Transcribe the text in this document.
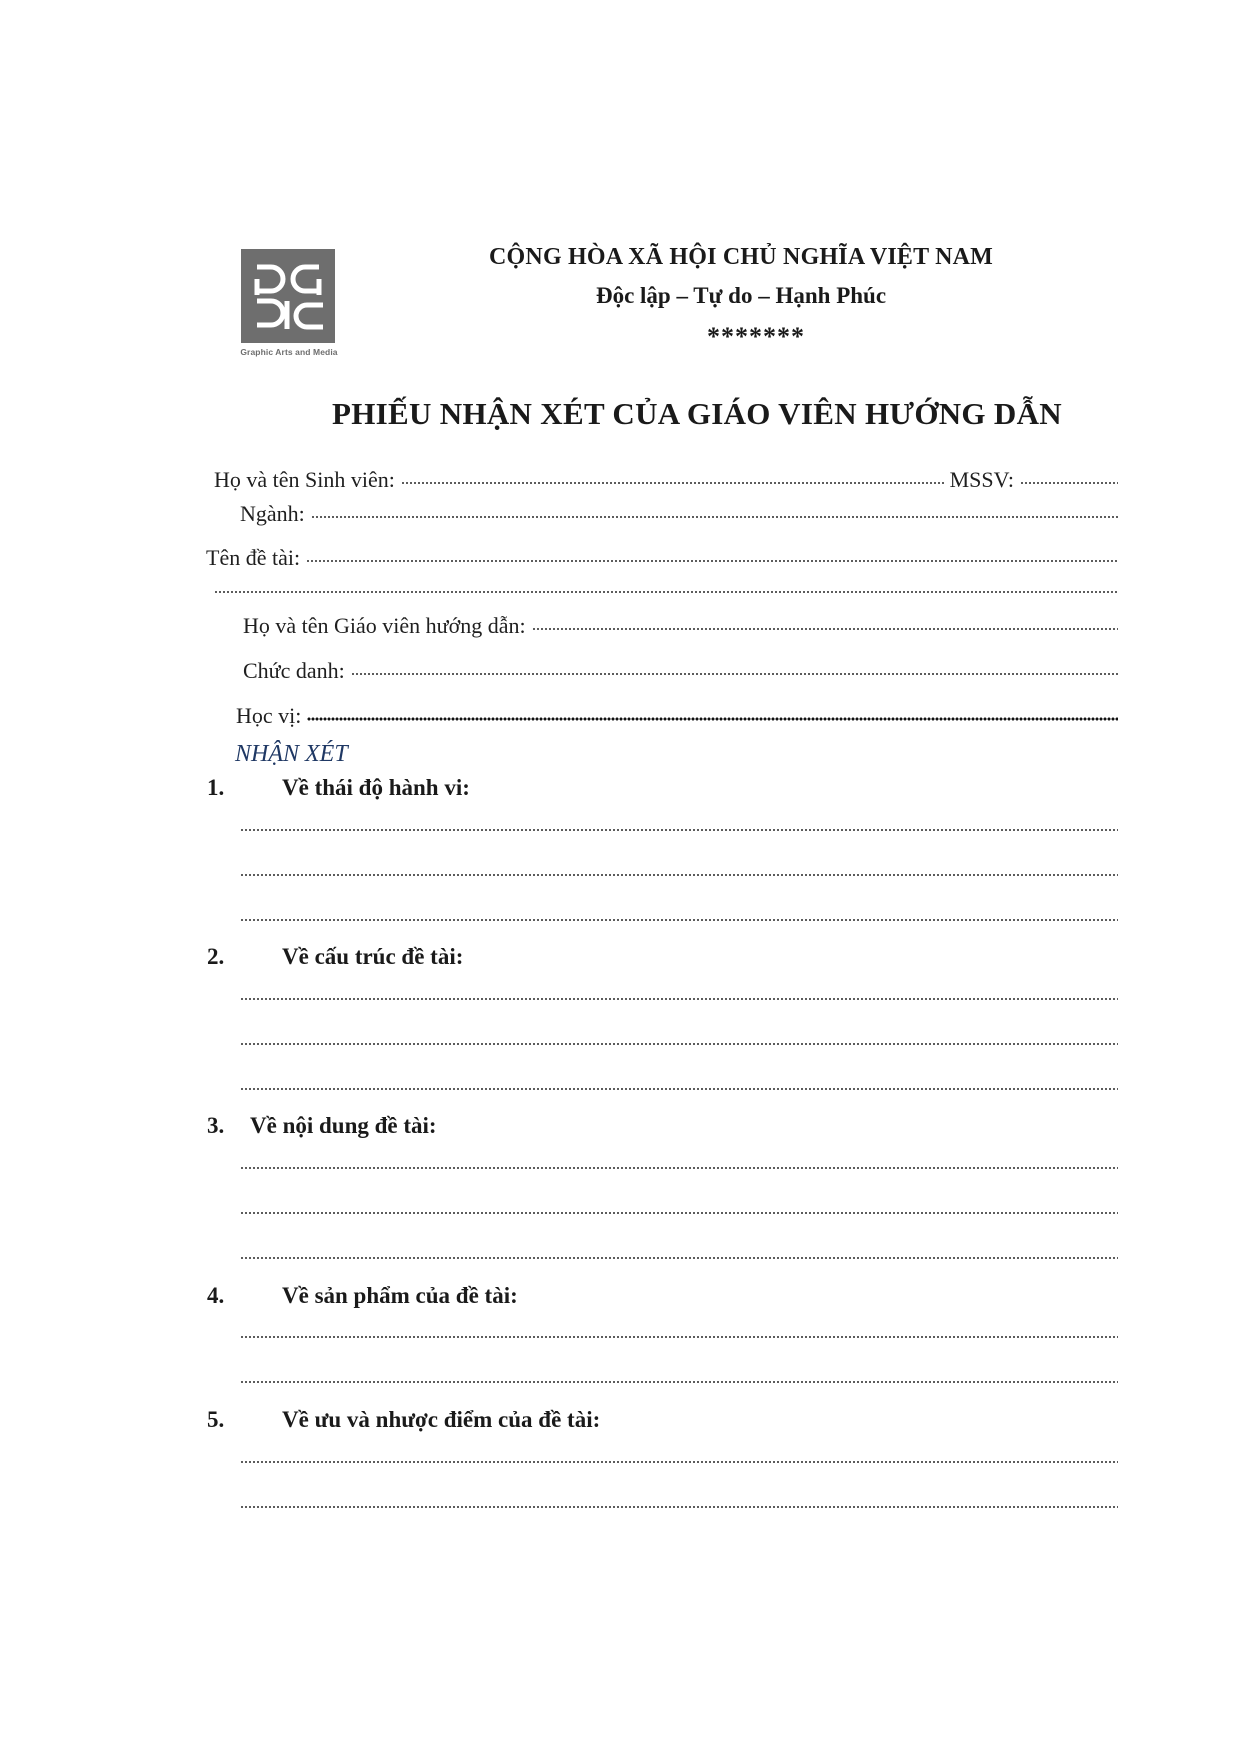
Graphic Arts and Media
CỘNG HÒA XÃ HỘI CHỦ NGHĨA VIỆT NAM
Độc lập – Tự do – Hạnh Phúc
*******
PHIẾU NHẬN XÉT CỦA GIÁO VIÊN HƯỚNG DẪN
Họ và tên Sinh viên:	MSSV:
Ngành:
Tên đề tài:
Họ và tên Giáo viên hướng dẫn:
Chức danh:
Học vị:
NHẬN XÉT
1.	Về thái độ hành vi:
2.	Về cấu trúc đề tài:
3.	Về nội dung đề tài:
4.	Về sản phẩm của đề tài:
5.	Về ưu và nhược điểm của đề tài:
